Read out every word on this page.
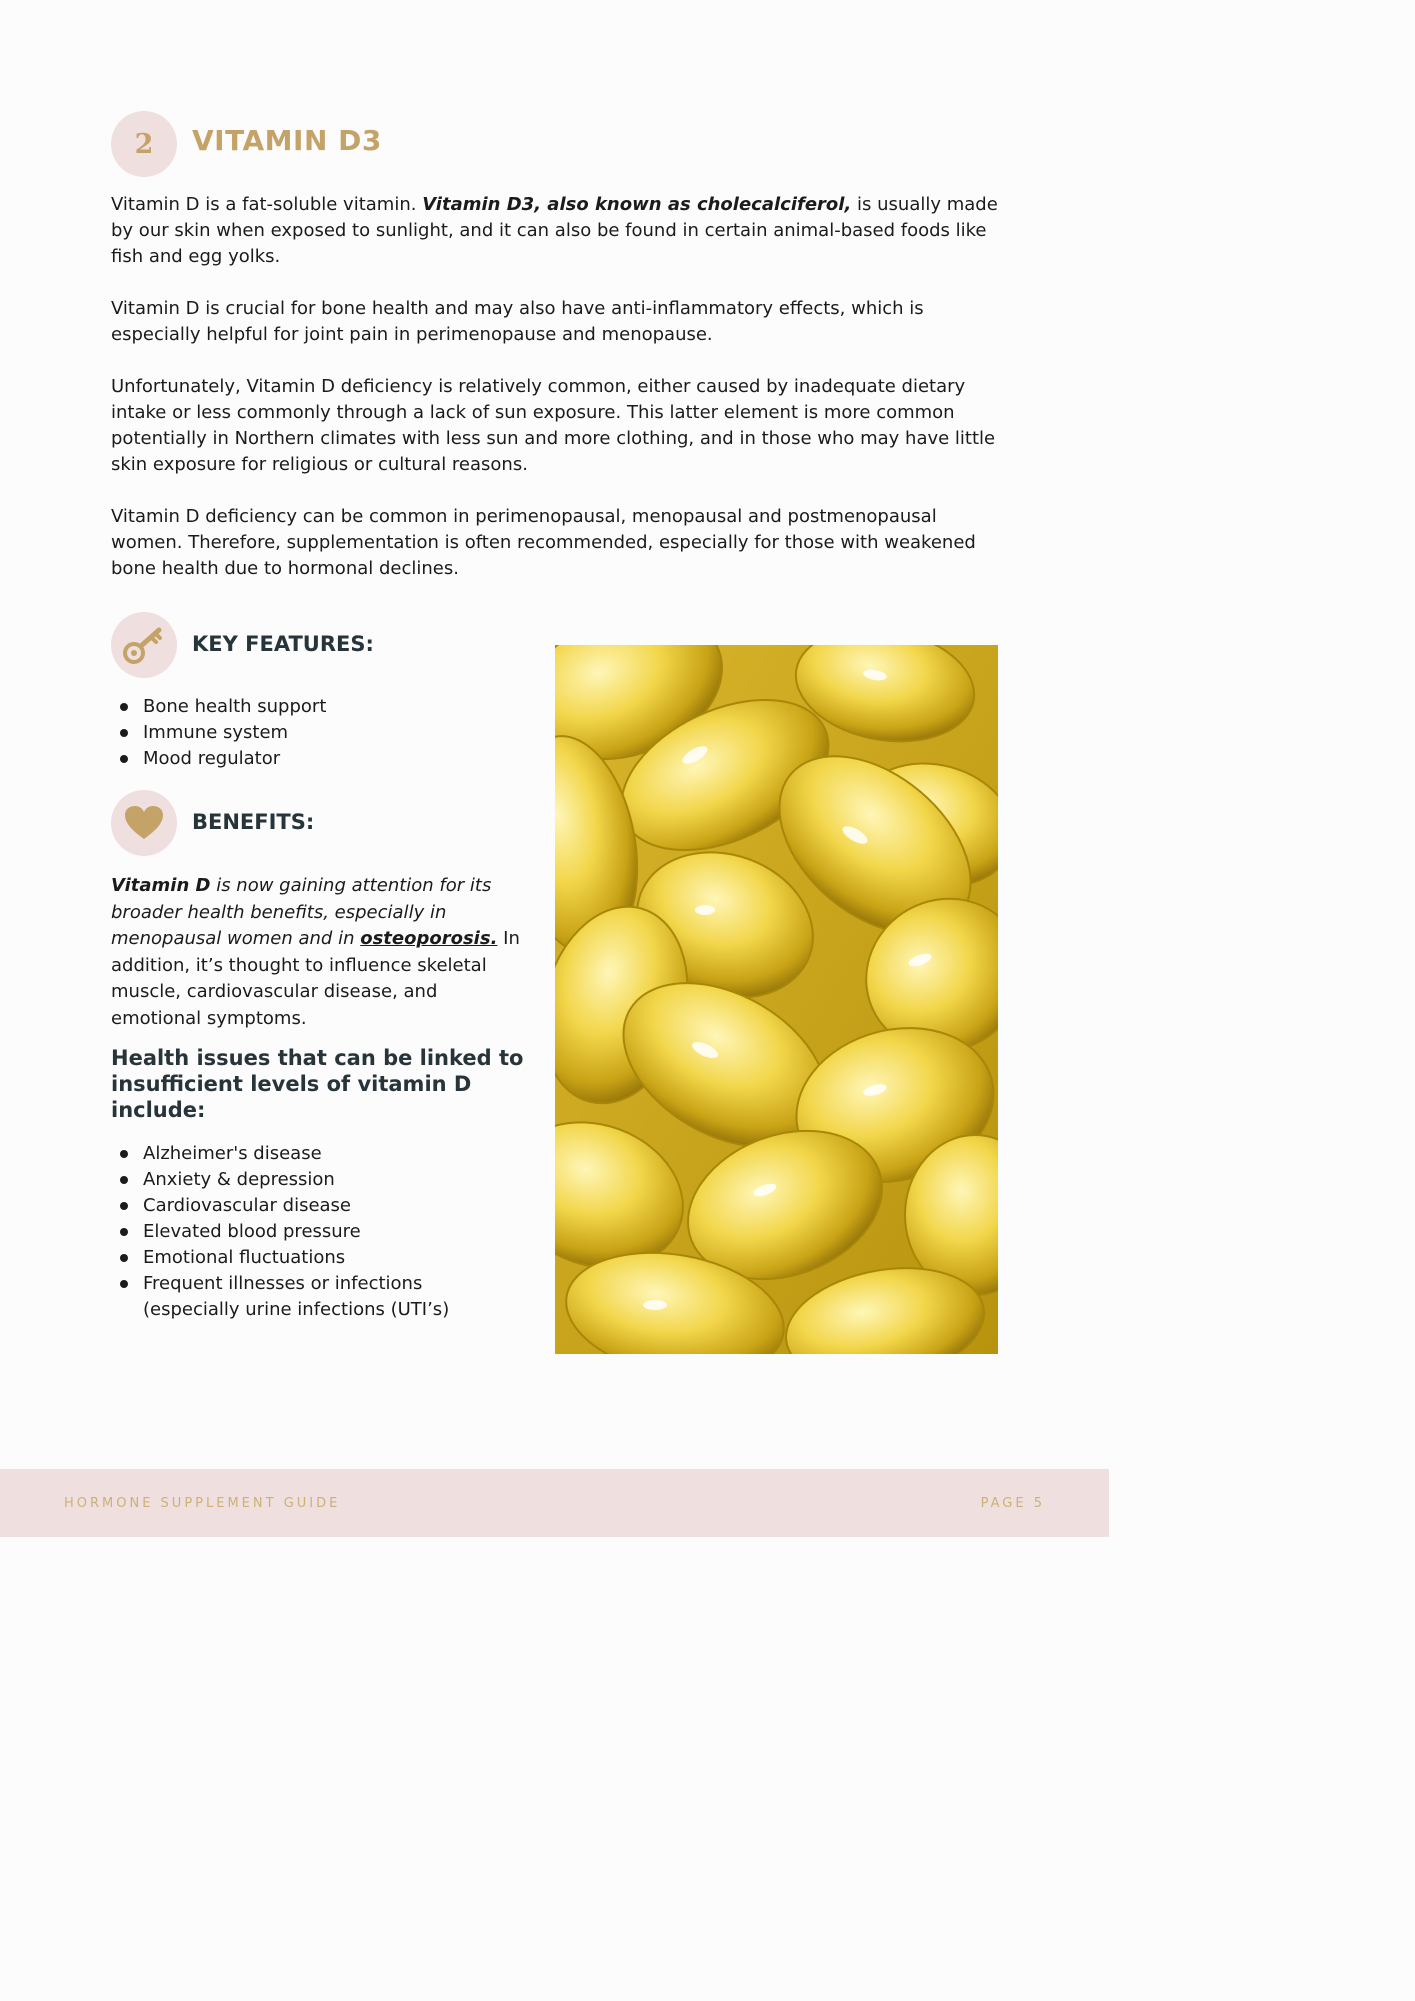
2 VITAMIN D3

Vitamin D is a fat-soluble vitamin. Vitamin D3, also known as cholecalciferol, is usually made by our skin when exposed to sunlight, and it can also be found in certain animal-based foods like fish and egg yolks.

Vitamin D is crucial for bone health and may also have anti-inflammatory effects, which is especially helpful for joint pain in perimenopause and menopause.

Unfortunately, Vitamin D deficiency is relatively common, either caused by inadequate dietary intake or less commonly through a lack of sun exposure. This latter element is more common potentially in Northern climates with less sun and more clothing, and in those who may have little skin exposure for religious or cultural reasons.

Vitamin D deficiency can be common in perimenopausal, menopausal and postmenopausal women. Therefore, supplementation is often recommended, especially for those with weakened bone health due to hormonal declines.

KEY FEATURES:
Bone health support
Immune system
Mood regulator
BENEFITS:

Vitamin D is now gaining attention for its broader health benefits, especially in menopausal women and in osteoporosis. In addition, it’s thought to influence skeletal muscle, cardiovascular disease, and emotional symptoms.

Health issues that can be linked to insufficient levels of vitamin D include:
Alzheimer's disease
Anxiety & depression
Cardiovascular disease
Elevated blood pressure
Emotional fluctuations
Frequent illnesses or infections (especially urine infections (UTI’s)
HORMONE SUPPLEMENT GUIDE	PAGE 5
